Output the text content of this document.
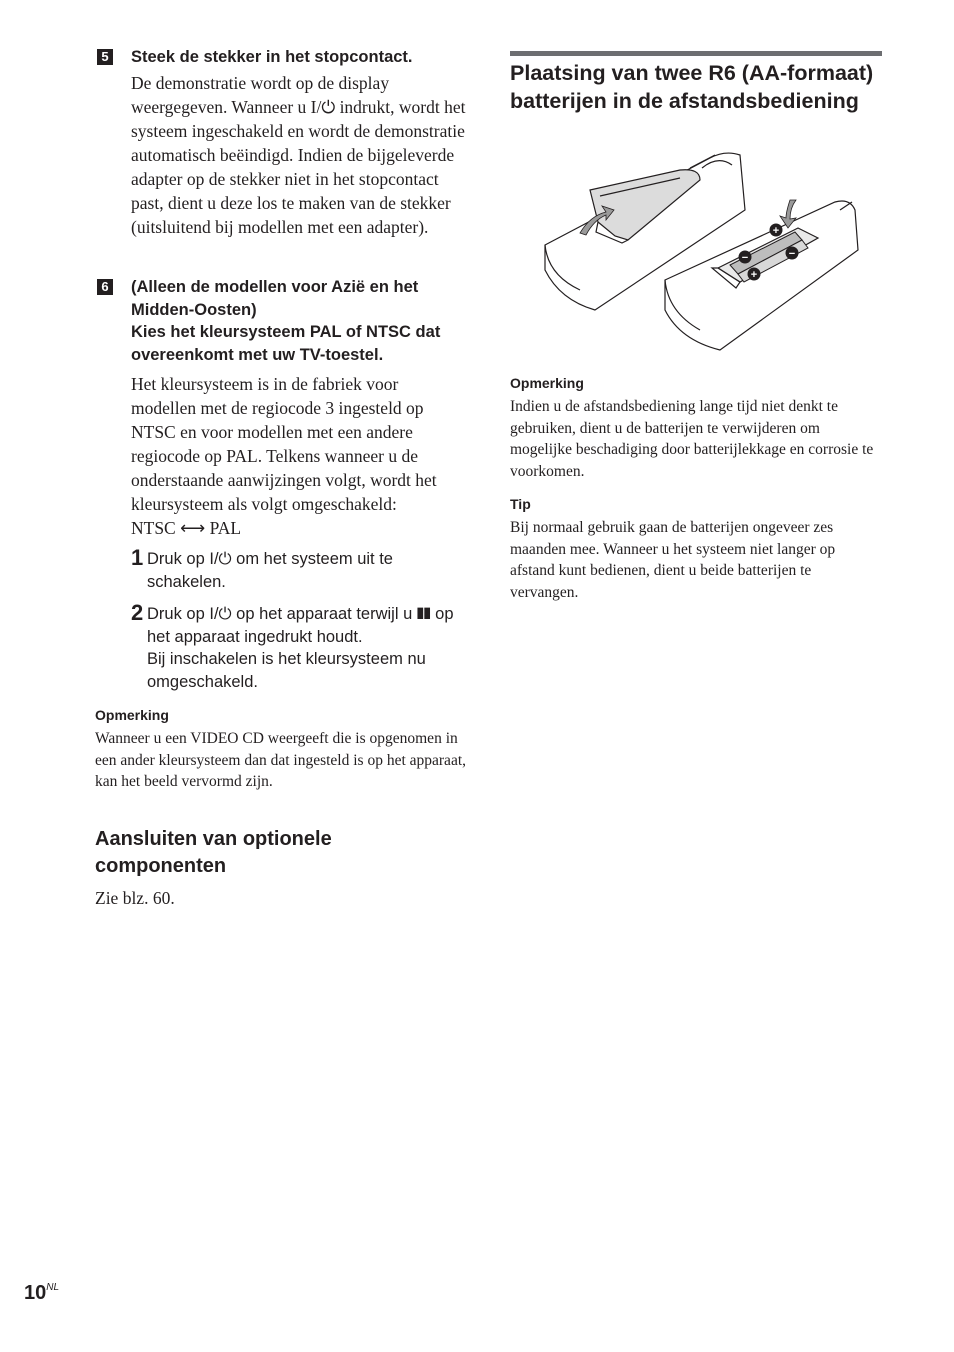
5 Steek de stekker in het stopcontact.

De demonstratie wordt op de display weergegeven. Wanneer u I/⏻ indrukt, wordt het systeem ingeschakeld en wordt de demonstratie automatisch beëindigd. Indien de bijgeleverde adapter op de stekker niet in het stopcontact past, dient u deze los te maken van de stekker (uitsluitend bij modellen met een adapter).

6 (Alleen de modellen voor Azië en het Midden-Oosten)
Kies het kleursysteem PAL of NTSC dat overeenkomt met uw TV-toestel.

Het kleursysteem is in de fabriek voor modellen met de regiocode 3 ingesteld op NTSC en voor modellen met een andere regiocode op PAL. Telkens wanneer u de onderstaande aanwijzingen volgt, wordt het kleursysteem als volgt omgeschakeld:

NTSC ⟷ PAL

1 Druk op I/⏻ om het systeem uit te schakelen.
2 Druk op I/⏻ op het apparaat terwijl u ❚❚ op het apparaat ingedrukt houdt.
Bij inschakelen is het kleursysteem nu omgeschakeld.
Opmerking
Wanneer u een VIDEO CD weergeeft die is opgenomen in een ander kleursysteem dan dat ingesteld is op het apparaat, kan het beeld vervormd zijn.
Aansluiten van optionele componenten
Zie blz. 60.
Plaatsing van twee R6 (AA-formaat) batterijen in de afstandsbediening
+
−	−
+
Opmerking
Indien u de afstandsbediening lange tijd niet denkt te gebruiken, dient u de batterijen te verwijderen om mogelijke beschadiging door batterijlekkage en corrosie te voorkomen.
Tip
Bij normaal gebruik gaan de batterijen ongeveer zes maanden mee. Wanneer u het systeem niet langer op afstand kunt bedienen, dient u beide batterijen te vervangen.
$10^{NL}$
